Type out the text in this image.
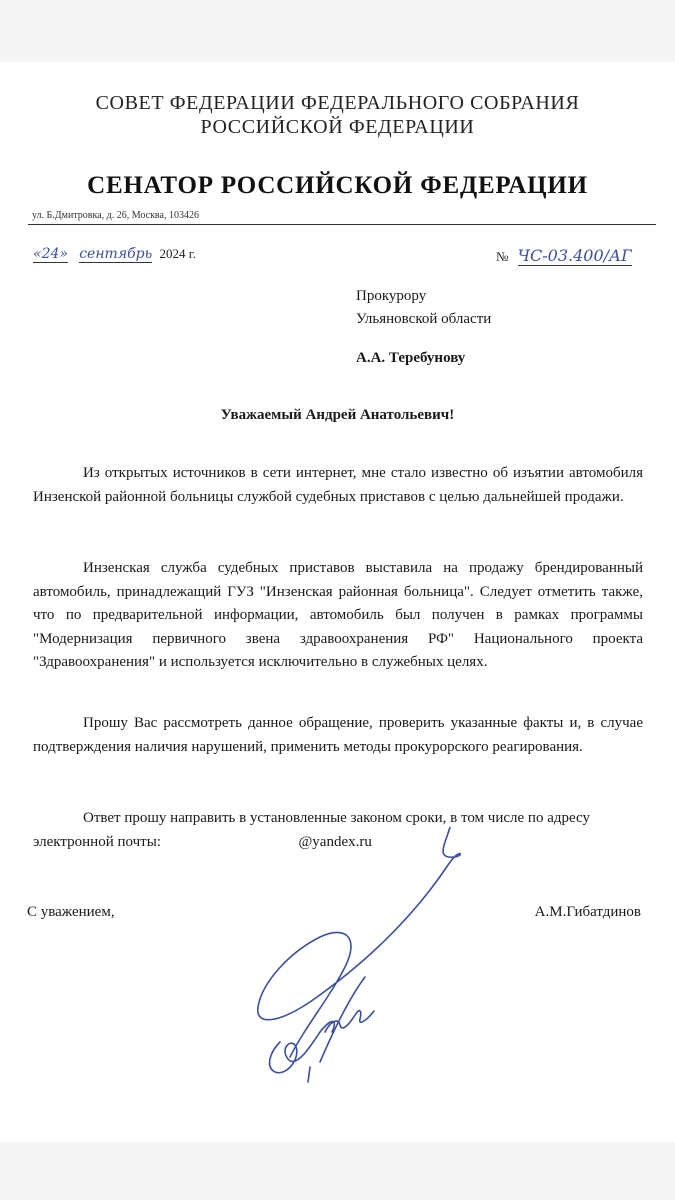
СОВЕТ ФЕДЕРАЦИИ ФЕДЕРАЛЬНОГО СОБРАНИЯ
РОССИЙСКОЙ ФЕДЕРАЦИИ
СЕНАТОР РОССИЙСКОЙ ФЕДЕРАЦИИ
ул. Б.Дмитровка, д. 26, Москва, 103426
«24» сентябрь 2024 г.	№ ЧС-03.400/АГ
Прокурору
Ульяновской области
А.А. Теребунову
Уважаемый Андрей Анатольевич!
Из открытых источников в сети интернет, мне стало известно об изъятии автомобиля Инзенской районной больницы службой судебных приставов с целью дальнейшей продажи.
Инзенская служба судебных приставов выставила на продажу брендированный автомобиль, принадлежащий ГУЗ "Инзенская районная больница". Следует отметить также, что по предварительной информации, автомобиль был получен в рамках программы "Модернизация первичного звена здравоохранения РФ" Национального проекта "Здравоохранения" и используется исключительно в служебных целях.
Прошу Вас рассмотреть данное обращение, проверить указанные факты и, в случае подтверждения наличия нарушений, применить методы прокурорского реагирования.
Ответ прошу направить в установленные законом сроки, в том числе по адресу
электронной почты:	@yandex.ru
С уважением,	А.М.Гибатдинов
